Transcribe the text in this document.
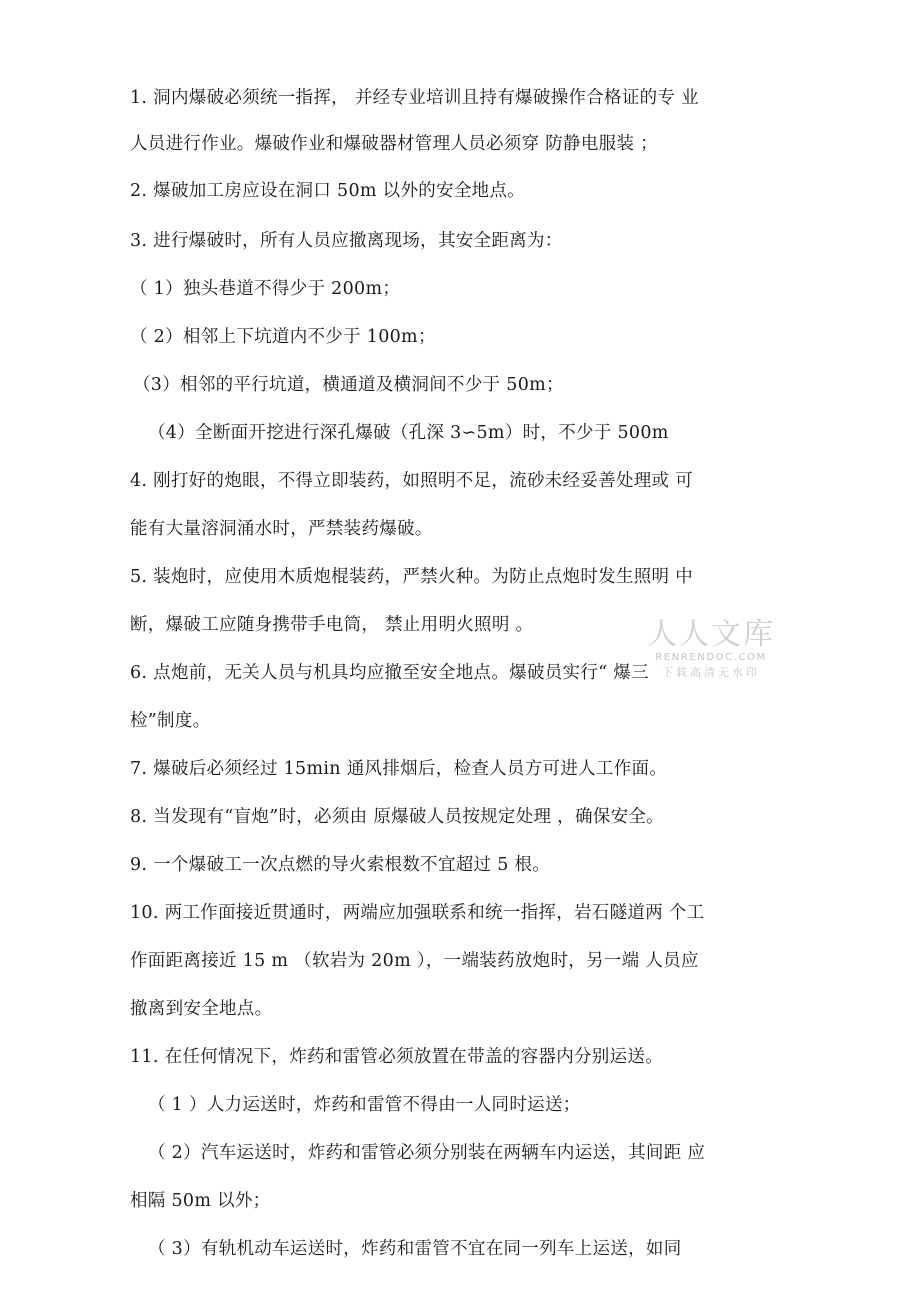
1. 洞内爆破必须统一指挥， 并经专业培训且持有爆破操作合格证的专 业
人员进行作业。爆破作业和爆破器材管理人员必须穿 防静电服装 ；
2. 爆破加工房应设在洞口 50m 以外的安全地点。
3. 进行爆破时，所有人员应撤离现场，其安全距离为：
（ 1）独头巷道不得少于 200m；
（ 2）相邻上下坑道内不少于 100m；
（3）相邻的平行坑道，横通道及横洞间不少于 50m；
（4）全断面开挖进行深孔爆破（孔深 3∽5m）时，不少于 500m
4. 刚打好的炮眼，不得立即装药，如照明不足，流砂未经妥善处理或 可
能有大量溶洞涌水时，严禁装药爆破。
5. 装炮时，应使用木质炮棍装药，严禁火种。为防止点炮时发生照明 中
断，爆破工应随身携带手电筒， 禁止用明火照明 。
6. 点炮前，无关人员与机具均应撤至安全地点。爆破员实行“ 爆三
检”制度。
7. 爆破后必须经过 15min 通风排烟后，检查人员方可进人工作面。
8. 当发现有“盲炮”时，必须由 原爆破人员按规定处理 ，确保安全。
9. 一个爆破工一次点燃的导火索根数不宜超过 5 根。
10. 两工作面接近贯通时，两端应加强联系和统一指挥，岩石隧道两 个工
作面距离接近 15 m （软岩为 20m ），一端装药放炮时，另一端 人员应
撤离到安全地点。
11. 在任何情况下，炸药和雷管必须放置在带盖的容器内分别运送。
（ 1 ）人力运送时，炸药和雷管不得由一人同时运送；
（ 2）汽车运送时，炸药和雷管必须分别装在两辆车内运送，其间距 应
相隔 50m 以外；
（ 3）有轨机动车运送时，炸药和雷管不宜在同一列车上运送，如同
人人文库
RENRENDOC.COM
下载高清无水印
